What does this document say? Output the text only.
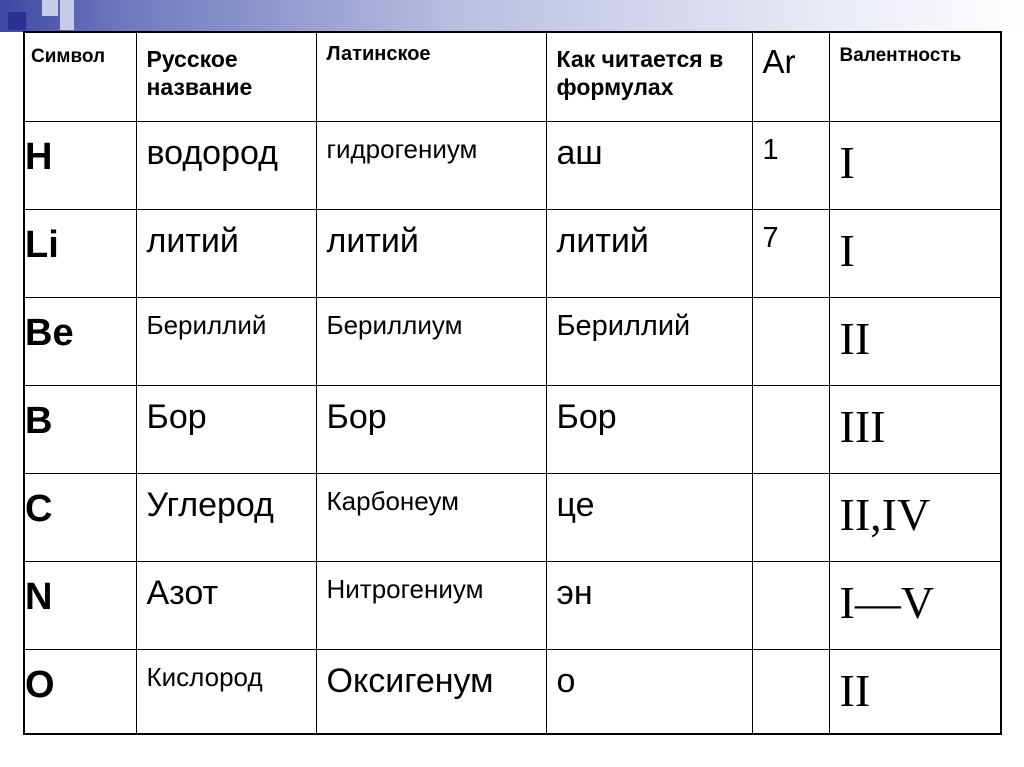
Символ	Русское название	Латинское	Как читается в формулах	Ar	Валентность

H	водород	гидрогениум	аш	1	I

Li	литий	литий	литий	7	I

Be	Бериллий	Бериллиум	Бериллий		II

B	Бор	Бор	Бор		III

C	Углерод	Карбонеум	це		II,IV

N	Азот	Нитрогениум	эн		I—V

O	Кислород	Оксигенум	о		II
